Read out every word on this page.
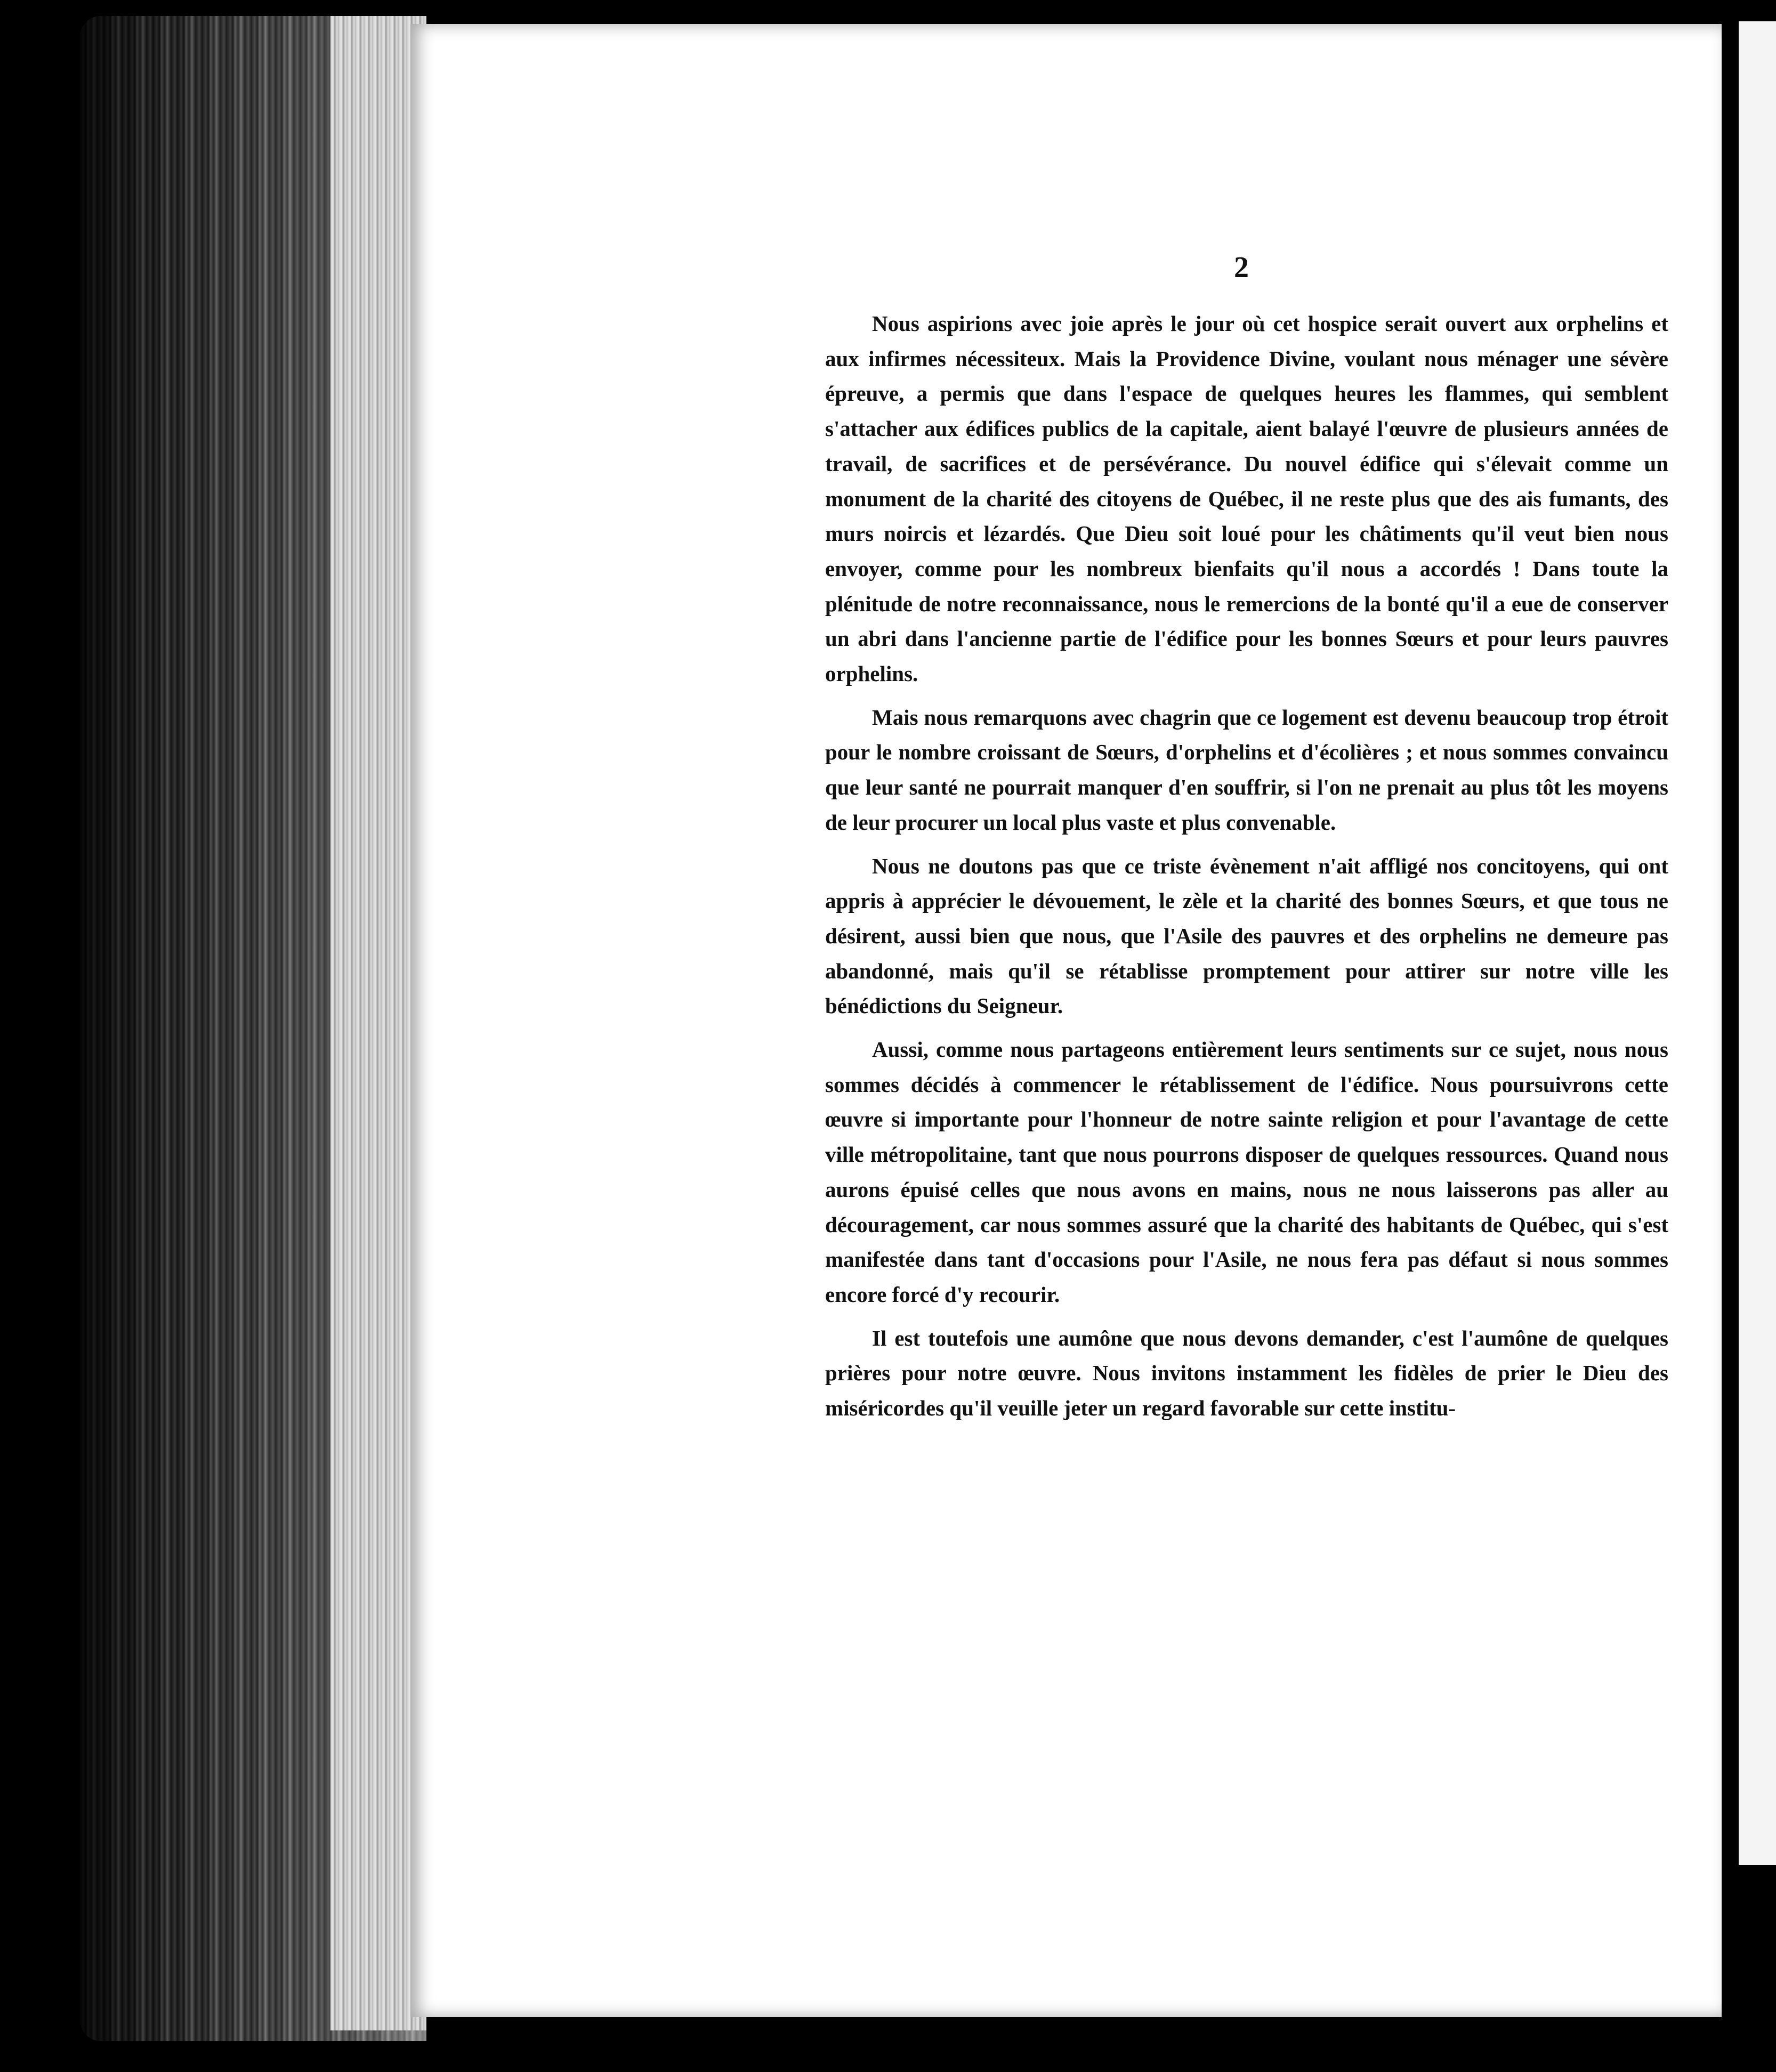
2

Nous aspirions avec joie après le jour où cet hospice serait ouvert aux orphelins et aux infirmes nécessiteux. Mais la Providence Divine, voulant nous ménager une sévère épreuve, a permis que dans l'espace de quelques heures les flammes, qui semblent s'attacher aux édifices publics de la capitale, aient balayé l'œuvre de plusieurs années de travail, de sacrifices et de persévérance. Du nouvel édifice qui s'élevait comme un monument de la charité des citoyens de Québec, il ne reste plus que des ais fumants, des murs noircis et lézardés. Que Dieu soit loué pour les châtiments qu'il veut bien nous envoyer, comme pour les nombreux bienfaits qu'il nous a accordés ! Dans toute la plénitude de notre reconnaissance, nous le remercions de la bonté qu'il a eue de conserver un abri dans l'ancienne partie de l'édifice pour les bonnes Sœurs et pour leurs pauvres orphelins.

Mais nous remarquons avec chagrin que ce logement est devenu beaucoup trop étroit pour le nombre croissant de Sœurs, d'orphelins et d'écolières ; et nous sommes convaincu que leur santé ne pourrait manquer d'en souffrir, si l'on ne prenait au plus tôt les moyens de leur procurer un local plus vaste et plus convenable.

Nous ne doutons pas que ce triste évènement n'ait affligé nos concitoyens, qui ont appris à apprécier le dévouement, le zèle et la charité des bonnes Sœurs, et que tous ne désirent, aussi bien que nous, que l'Asile des pauvres et des orphelins ne demeure pas abandonné, mais qu'il se rétablisse promptement pour attirer sur notre ville les bénédictions du Seigneur.

Aussi, comme nous partageons entièrement leurs sentiments sur ce sujet, nous nous sommes décidés à commencer le rétablissement de l'édifice. Nous poursuivrons cette œuvre si importante pour l'honneur de notre sainte religion et pour l'avantage de cette ville métropolitaine, tant que nous pourrons disposer de quelques ressources. Quand nous aurons épuisé celles que nous avons en mains, nous ne nous laisserons pas aller au découragement, car nous sommes assuré que la charité des habitants de Québec, qui s'est manifestée dans tant d'occasions pour l'Asile, ne nous fera pas défaut si nous sommes encore forcé d'y recourir.

Il est toutefois une aumône que nous devons demander, c'est l'aumône de quelques prières pour notre œuvre. Nous invitons instamment les fidèles de prier le Dieu des miséricordes qu'il veuille jeter un regard favorable sur cette institu-
